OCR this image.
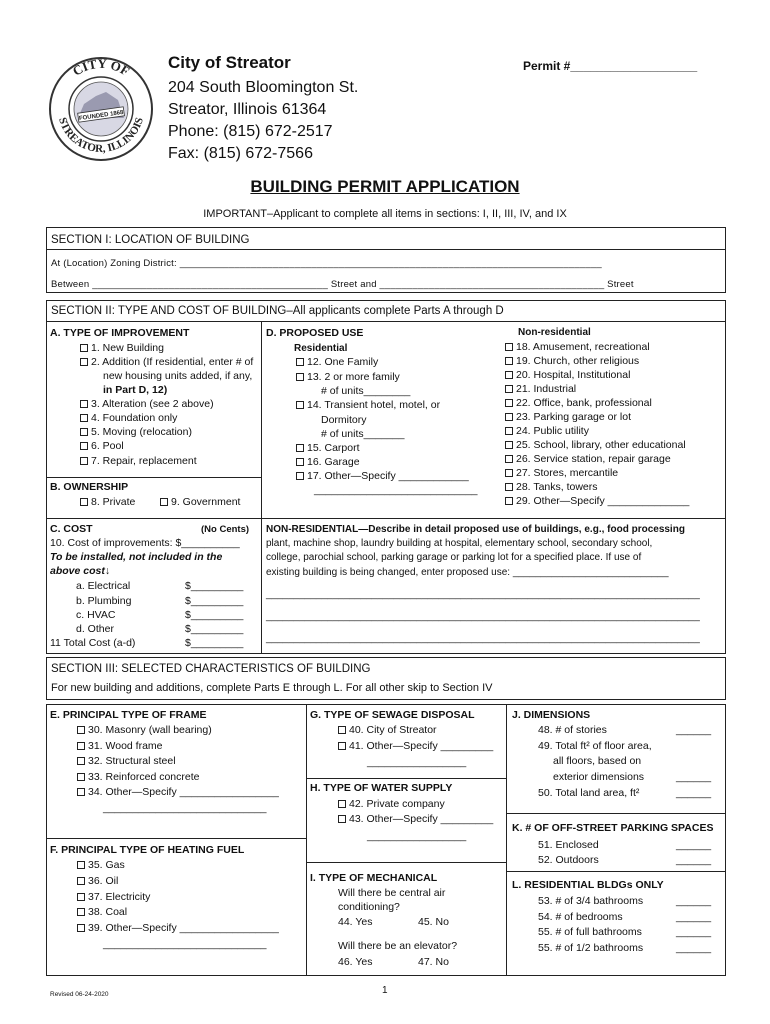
CITY OF
STREATOR, ILLINOIS
FOUNDED 1868
City of Streator
204 South Bloomington St.
Streator, Illinois 61364
Phone: (815) 672-2517
Fax: (815) 672-7566
Permit #___________________
BUILDING PERMIT APPLICATION
IMPORTANT–Applicant to complete all items in sections: I, II, III, IV, and IX
SECTION I: LOCATION OF BUILDING
At (Location) Zoning District: _____________________________________________________________________________
Between ___________________________________________ Street and _________________________________________ Street
SECTION II: TYPE AND COST OF BUILDING–All applicants complete Parts A through D
A. TYPE OF IMPROVEMENT
1. New Building
2. Addition (If residential, enter # of
new housing units added, if any,
in Part D, 12)
3. Alteration (see 2 above)
4. Foundation only
5. Moving (relocation)
6. Pool
7. Repair, replacement
B. OWNERSHIP
8. Private	9. Government
C. COST	(No Cents)
10. Cost of improvements: $__________
To be installed, not included in the
above cost↓
a. Electrical	$_________
b. Plumbing	$_________
c. HVAC	$_________
d. Other	$_________
11 Total Cost (a-d)	$_________
D. PROPOSED USE
Residential
12. One Family
13. 2 or more family
# of units________
14. Transient hotel, motel, or
Dormitory
# of units_______
15. Carport
16. Garage
17. Other—Specify ____________
____________________________
Non-residential
18. Amusement, recreational
19. Church, other religious
20. Hospital, Institutional
21. Industrial
22. Office, bank, professional
23. Parking garage or lot
24. Public utility
25. School, library, other educational
26. Service station, repair garage
27. Stores, mercantile
28. Tanks, towers
29. Other—Specify ______________
NON-RESIDENTIAL—Describe in detail proposed use of buildings, e.g., food processing
plant, machine shop, laundry building at hospital, elementary school, secondary school,
college, parochial school, parking garage or parking lot for a specified place. If use of
existing building is being changed, enter proposed use: ____________________________
______________________________________________________________________________
______________________________________________________________________________
______________________________________________________________________________
SECTION III: SELECTED CHARACTERISTICS OF BUILDING
For new building and additions, complete Parts E through L. For all other skip to Section IV
E. PRINCIPAL TYPE OF FRAME
30. Masonry (wall bearing)
31. Wood frame
32. Structural steel
33. Reinforced concrete
34. Other—Specify _________________
____________________________
F. PRINCIPAL TYPE OF HEATING FUEL
35. Gas
36. Oil
37. Electricity
38. Coal
39. Other—Specify _________________
____________________________
G. TYPE OF SEWAGE DISPOSAL
40. City of Streator
41. Other—Specify _________
_________________
H. TYPE OF WATER SUPPLY
42. Private company
43. Other—Specify _________
_________________
I. TYPE OF MECHANICAL
Will there be central air
conditioning?
44. Yes	45. No
Will there be an elevator?
46. Yes	47. No
J. DIMENSIONS
48. # of stories	______
49. Total ft² of floor area,
all floors, based on
exterior dimensions	______
50. Total land area, ft²	______
K. # OF OFF-STREET PARKING SPACES
51. Enclosed	______
52. Outdoors	______
L. RESIDENTIAL BLDGs ONLY
53. # of 3/4 bathrooms	______
54. # of bedrooms	______
55. # of full bathrooms	______
55. # of 1/2 bathrooms	______
Revised 06-24-2020	1
